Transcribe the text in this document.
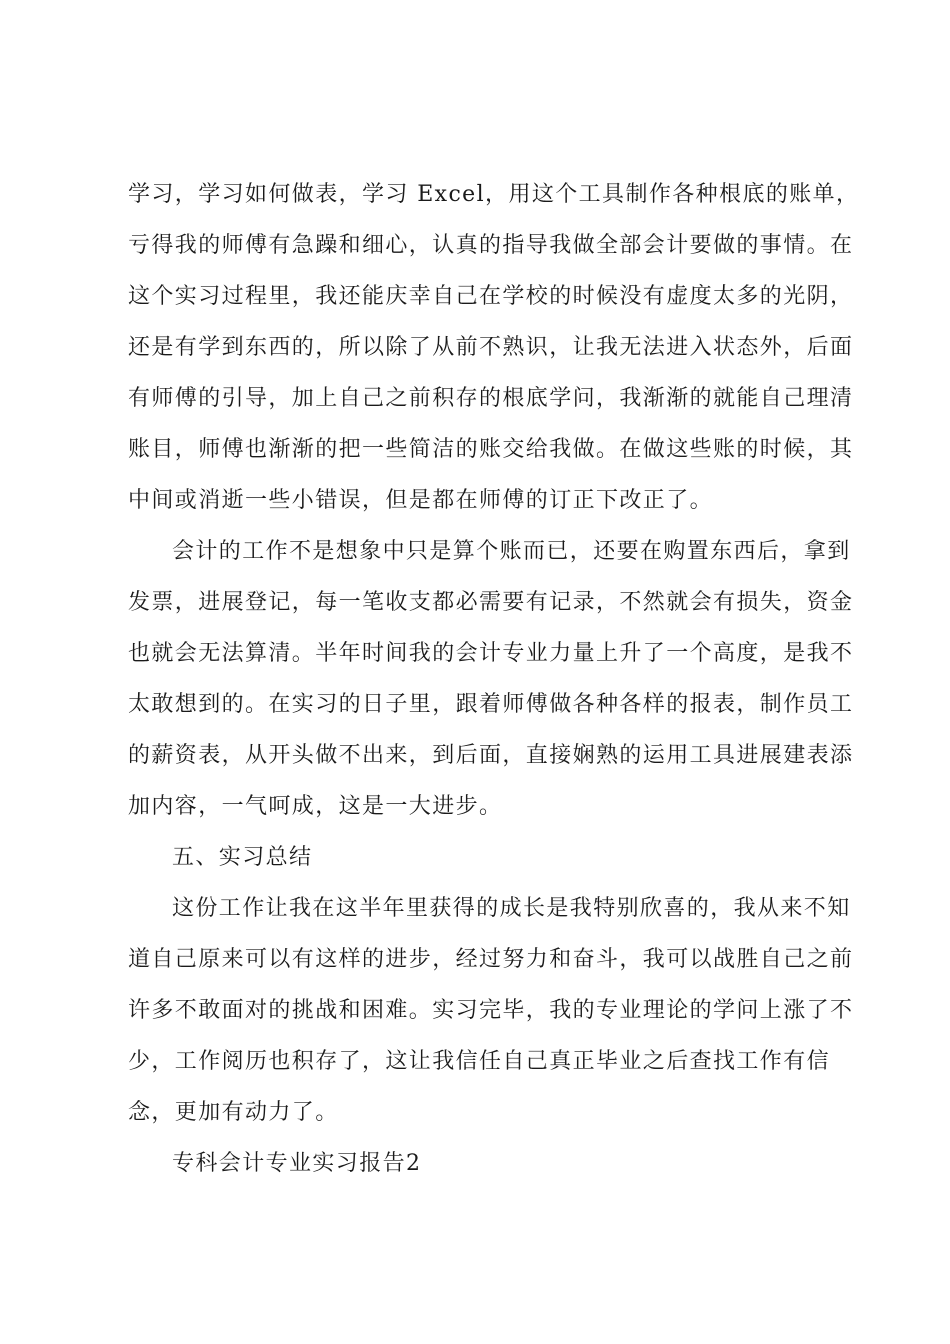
学习，学习如何做表，学习 Excel，用这个工具制作各种根底的账单，
亏得我的师傅有急躁和细心，认真的指导我做全部会计要做的事情。在
这个实习过程里，我还能庆幸自己在学校的时候没有虚度太多的光阴，
还是有学到东西的，所以除了从前不熟识，让我无法进入状态外，后面
有师傅的引导，加上自己之前积存的根底学问，我渐渐的就能自己理清
账目，师傅也渐渐的把一些简洁的账交给我做。在做这些账的时候，其
中间或消逝一些小错误，但是都在师傅的订正下改正了。
会计的工作不是想象中只是算个账而已，还要在购置东西后，拿到
发票，进展登记，每一笔收支都必需要有记录，不然就会有损失，资金
也就会无法算清。半年时间我的会计专业力量上升了一个高度，是我不
太敢想到的。在实习的日子里，跟着师傅做各种各样的报表，制作员工
的薪资表，从开头做不出来，到后面，直接娴熟的运用工具进展建表添
加内容，一气呵成，这是一大进步。
五、实习总结
这份工作让我在这半年里获得的成长是我特别欣喜的，我从来不知
道自己原来可以有这样的进步，经过努力和奋斗，我可以战胜自己之前
许多不敢面对的挑战和困难。实习完毕，我的专业理论的学问上涨了不
少，工作阅历也积存了，这让我信任自己真正毕业之后查找工作有信
念，更加有动力了。
专科会计专业实习报告2
